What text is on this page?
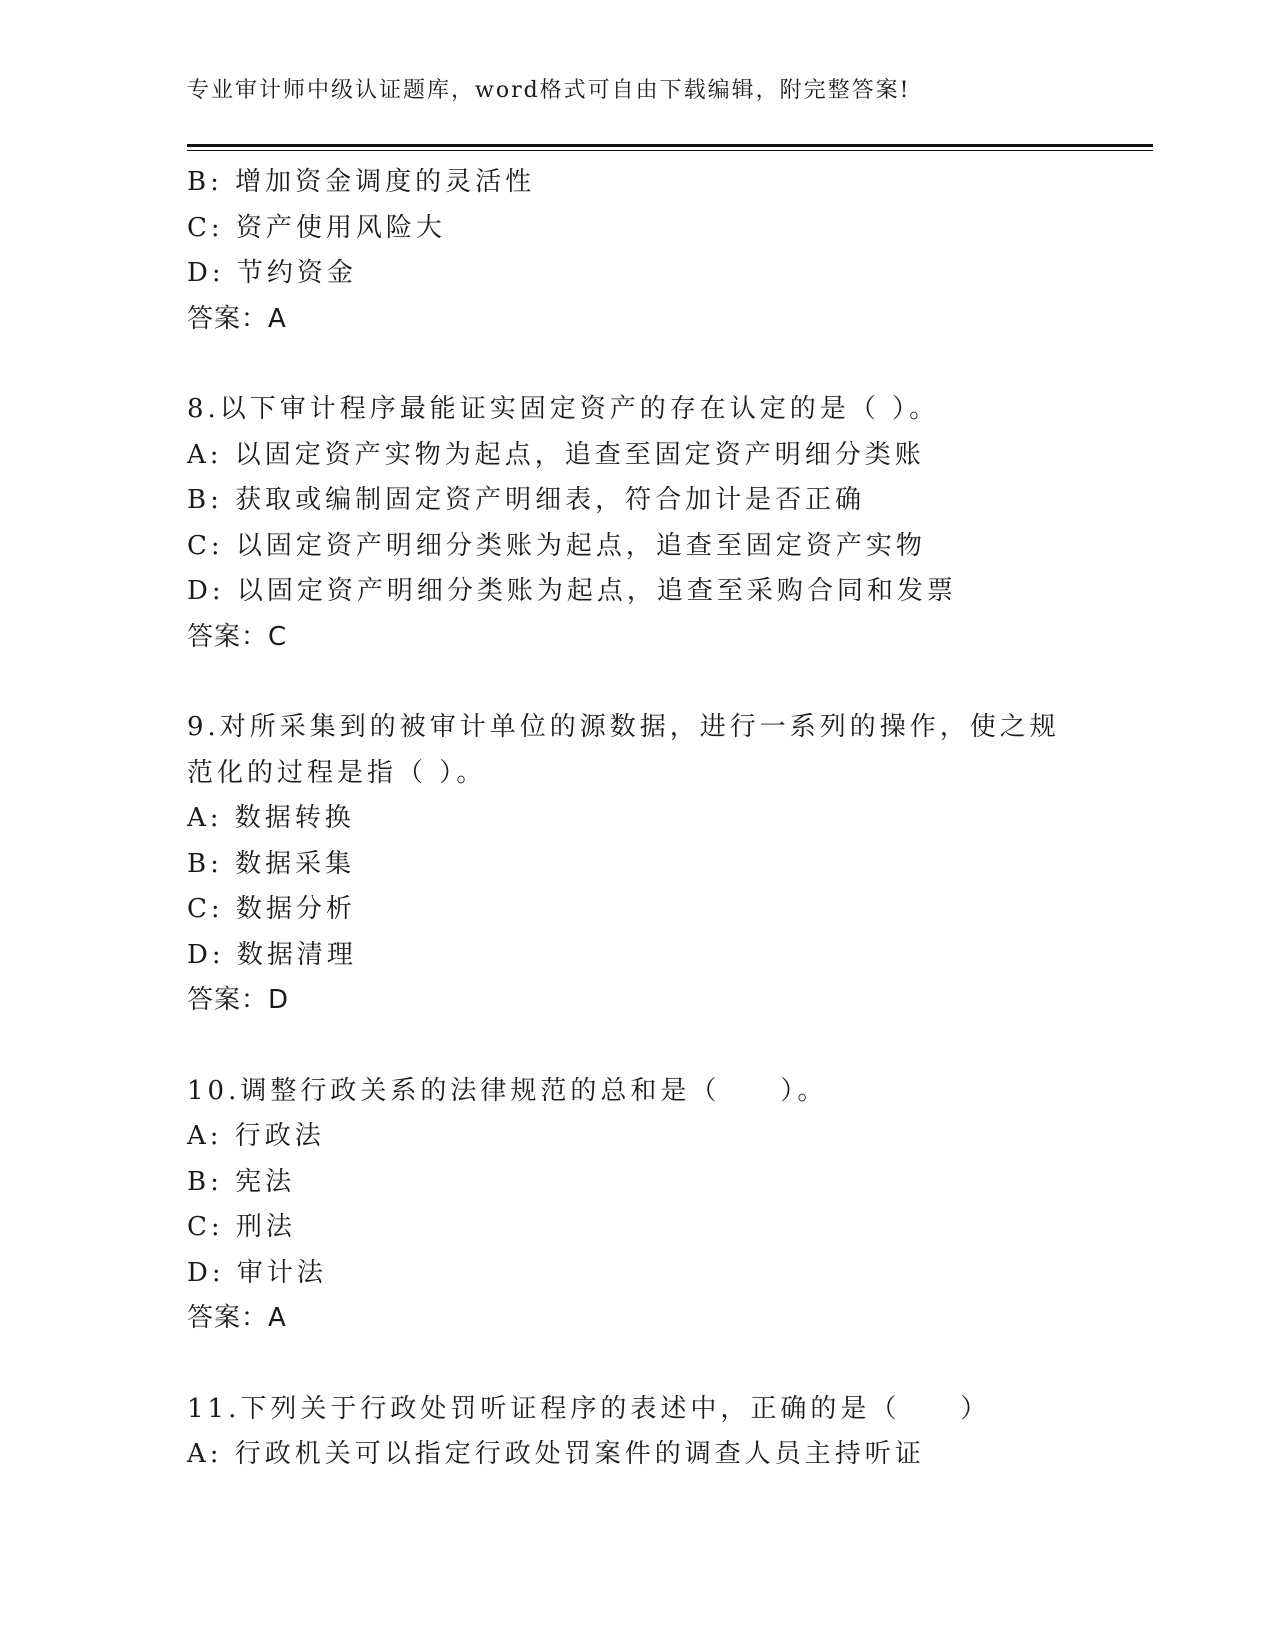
专业审计师中级认证题库，word格式可自由下载编辑，附完整答案!
B: 增加资金调度的灵活性
C: 资产使用风险大
D: 节约资金
答案：A
8.以下审计程序最能证实固定资产的存在认定的是（ ）。
A: 以固定资产实物为起点，追查至固定资产明细分类账
B: 获取或编制固定资产明细表，符合加计是否正确
C: 以固定资产明细分类账为起点，追查至固定资产实物
D: 以固定资产明细分类账为起点，追查至采购合同和发票
答案：C
9.对所采集到的被审计单位的源数据，进行一系列的操作，使之规范化的过程是指（ ）。
A: 数据转换
B: 数据采集
C: 数据分析
D: 数据清理
答案：D
10.调整行政关系的法律规范的总和是（　　）。
A: 行政法
B: 宪法
C: 刑法
D: 审计法
答案：A
11.下列关于行政处罚听证程序的表述中，正确的是（　　）
A: 行政机关可以指定行政处罚案件的调查人员主持听证
